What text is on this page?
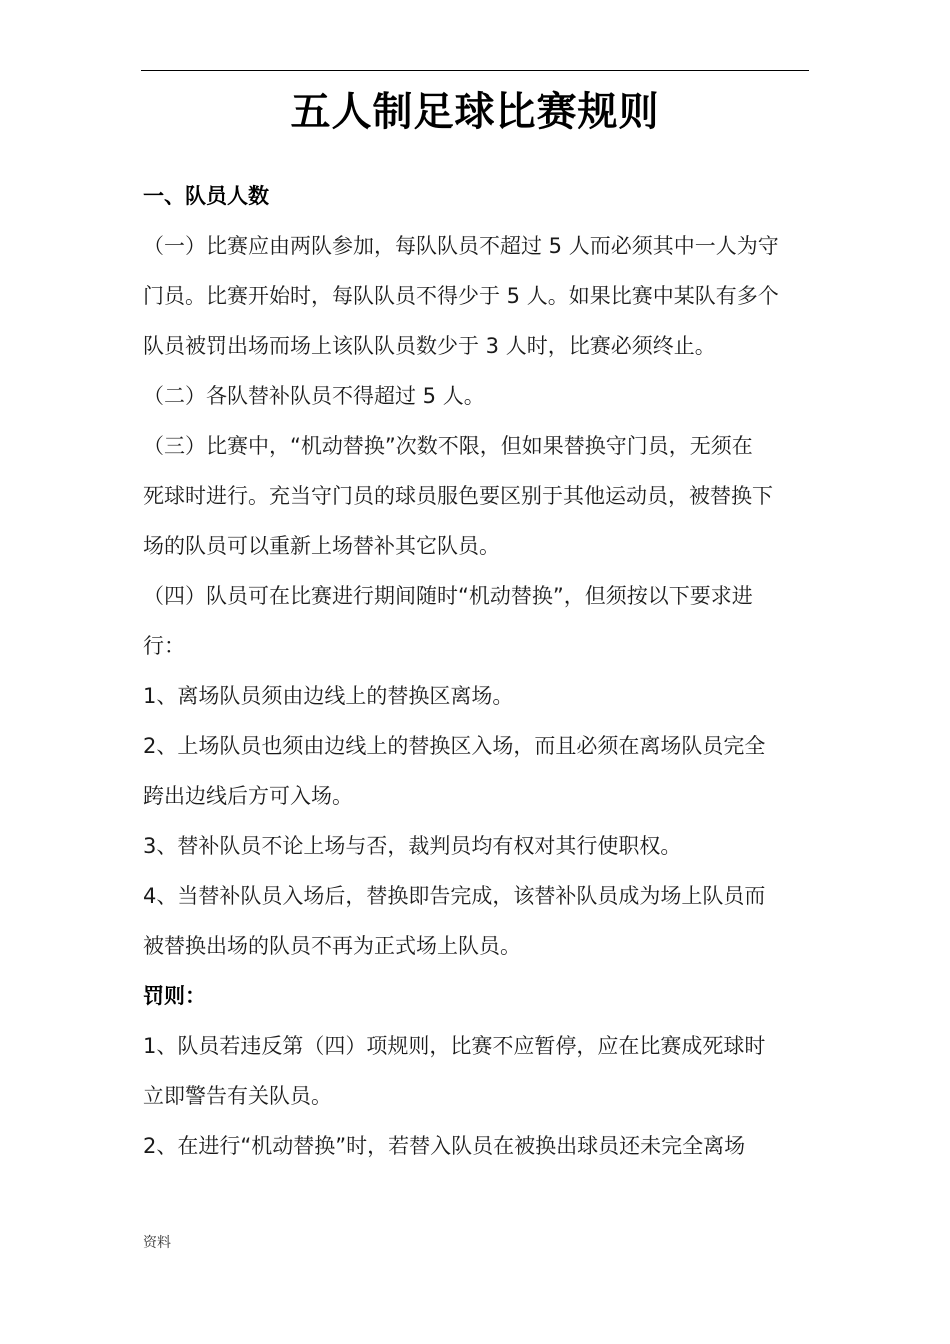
五人制足球比赛规则
一、队员人数
（一）比赛应由两队参加，每队队员不超过 5 人而必须其中一人为守
门员。比赛开始时，每队队员不得少于 5 人。如果比赛中某队有多个
队员被罚出场而场上该队队员数少于 3 人时，比赛必须终止。
（二）各队替补队员不得超过 5 人。
（三）比赛中，“机动替换”次数不限，但如果替换守门员，无须在
死球时进行。充当守门员的球员服色要区别于其他运动员，被替换下
场的队员可以重新上场替补其它队员。
（四）队员可在比赛进行期间随时“机动替换”，但须按以下要求进
行：
1、离场队员须由边线上的替换区离场。
2、上场队员也须由边线上的替换区入场，而且必须在离场队员完全
跨出边线后方可入场。
3、替补队员不论上场与否，裁判员均有权对其行使职权。
4、当替补队员入场后，替换即告完成，该替补队员成为场上队员而
被替换出场的队员不再为正式场上队员。
罚则：
1、队员若违反第（四）项规则，比赛不应暂停，应在比赛成死球时
立即警告有关队员。
2、在进行“机动替换”时，若替入队员在被换出球员还未完全离场
资料
